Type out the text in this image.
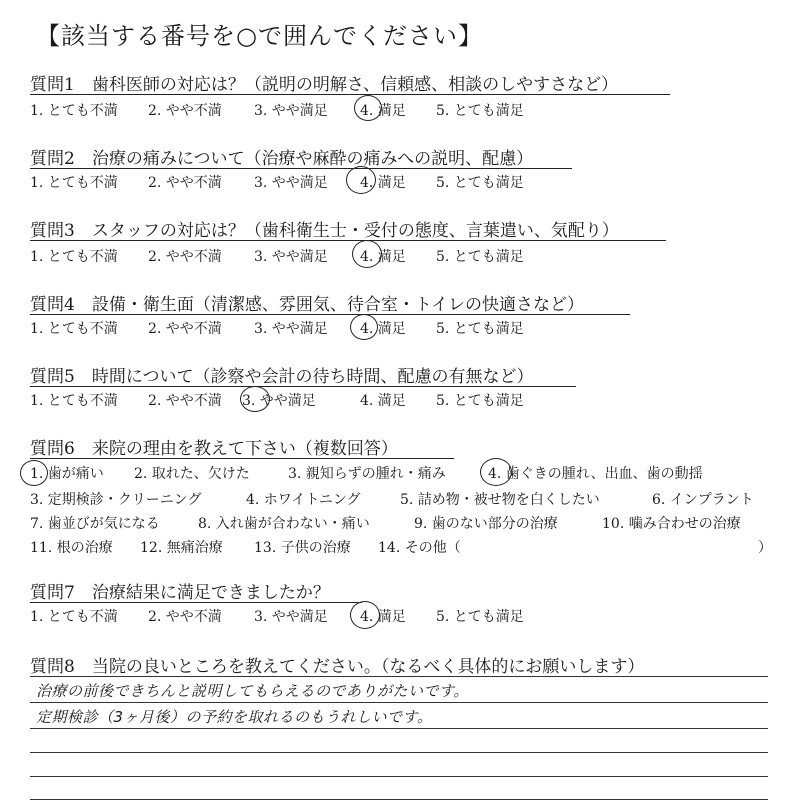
【該当する番号を○で囲んでください】
質問1　歯科医師の対応は？（説明の明解さ、信頼感、相談のしやすさなど）
1. とても不満 2. やや不満 3. やや満足 4. 満足 5. とても満足
質問2　治療の痛みについて（治療や麻酔の痛みへの説明、配慮）
1. とても不満 2. やや不満 3. やや満足 4. 満足 5. とても満足
質問3　スタッフの対応は？（歯科衛生士・受付の態度、言葉遣い、気配り）
1. とても不満 2. やや不満 3. やや満足 4. 満足 5. とても満足
質問4　設備・衛生面（清潔感、雰囲気、待合室・トイレの快適さなど）
1. とても不満 2. やや不満 3. やや満足 4. 満足 5. とても満足
質問5　時間について（診察や会計の待ち時間、配慮の有無など）
1. とても不満 2. やや不満 3. やや満足	4. 満足 5. とても満足
質問6　来院の理由を教えて下さい（複数回答）
1. 歯が痛い 2. 取れた、欠けた	3. 親知らずの腫れ・痛み	4. 歯ぐきの腫れ、出血、歯の動揺
3. 定期検診・クリーニング	4. ホワイトニング	5. 詰め物・被せ物を白くしたい	6. インプラント
7. 歯並びが気になる	8. 入れ歯が合わない・痛い	9. 歯のない部分の治療	10. 噛み合わせの治療
11. 根の治療 12. 無痛治療 13. 子供の治療 14. その他（	）
質問7　治療結果に満足できましたか？
1. とても不満 2. やや不満 3. やや満足 4. 満足 5. とても満足
質問8　当院の良いところを教えてください。（なるべく具体的にお願いします）
治療の前後できちんと説明してもらえるのでありがたいです。
定期検診（3ヶ月後）の予約を取れるのもうれしいです。
